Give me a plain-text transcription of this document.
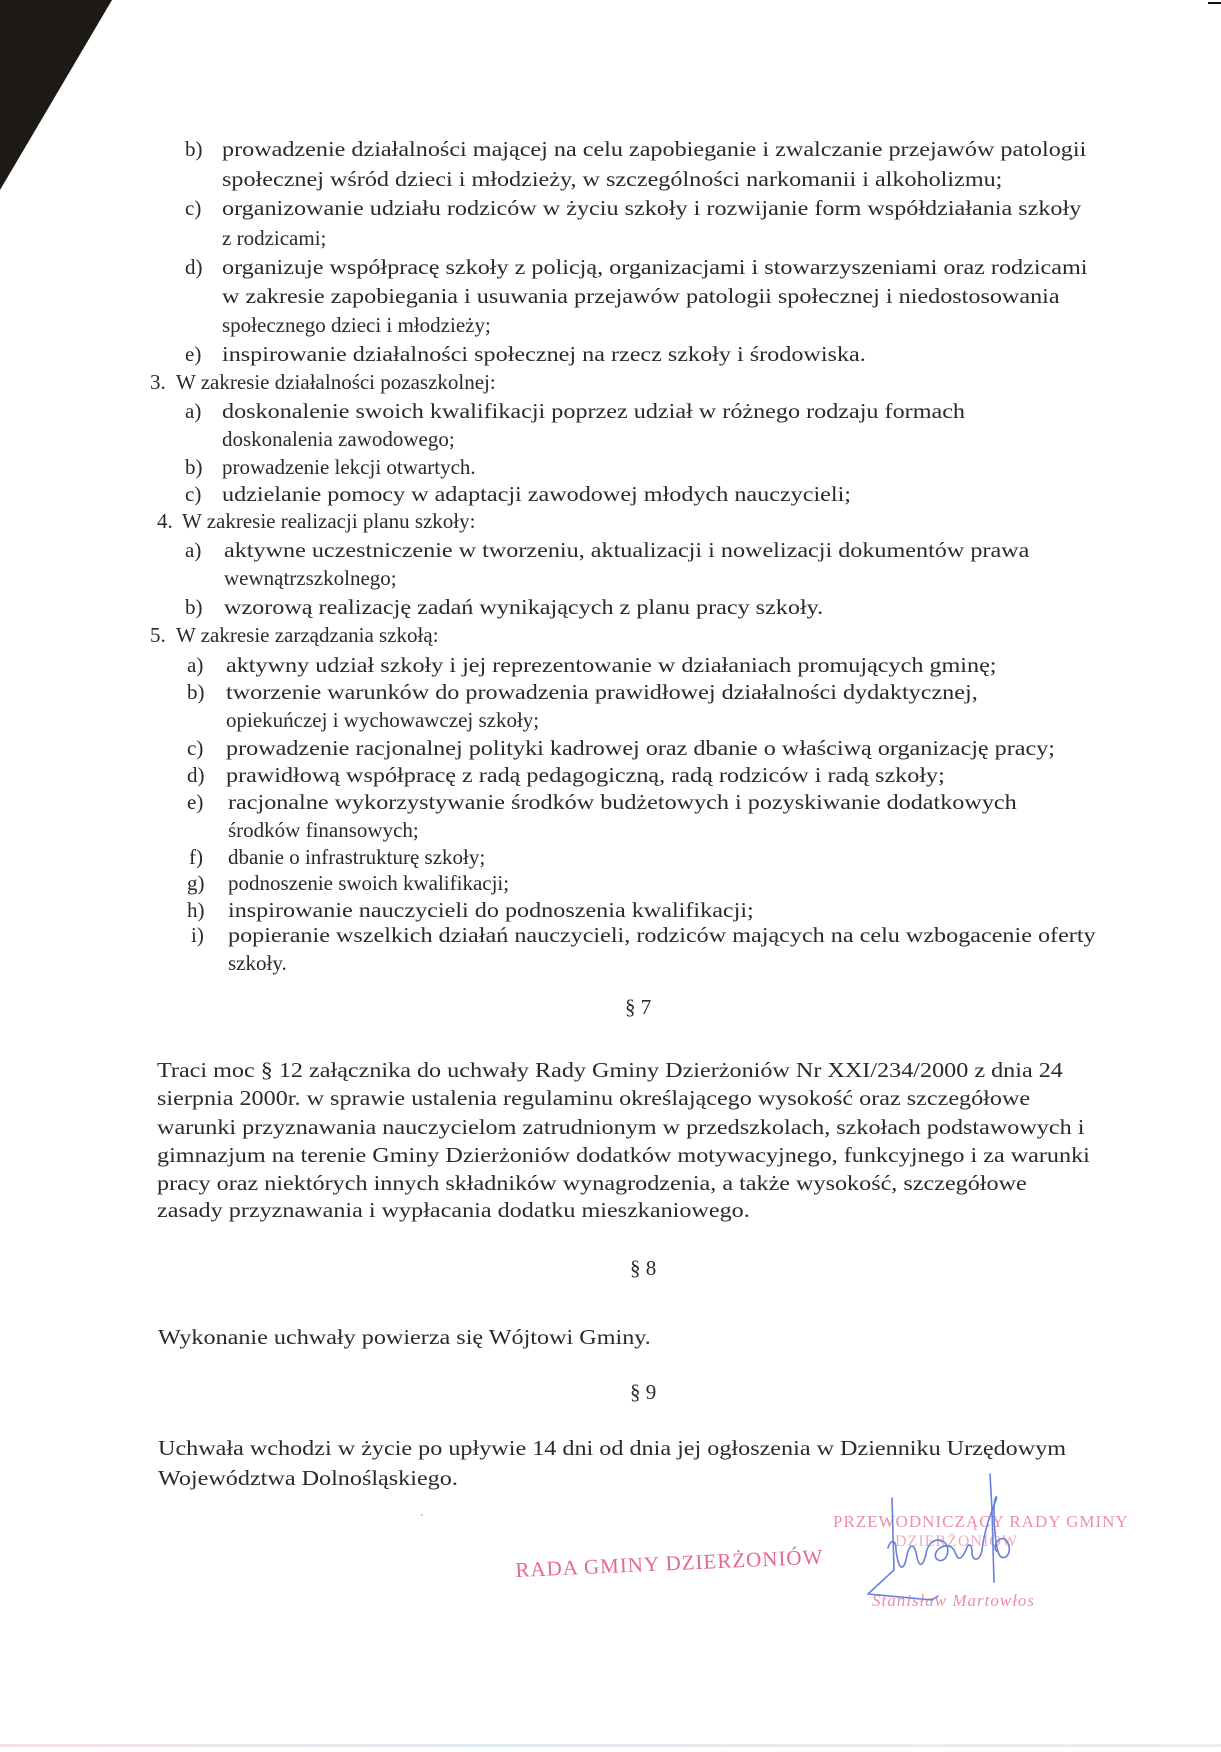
b) prowadzenie działalności mającej na celu zapobieganie i zwalczanie przejawów patologii
społecznej wśród dzieci i młodzieży, w szczególności narkomanii i alkoholizmu;
c) organizowanie udziału rodziców w życiu szkoły i rozwijanie form współdziałania szkoły
z rodzicami;
d) organizuje współpracę szkoły z policją, organizacjami i stowarzyszeniami oraz rodzicami
w zakresie zapobiegania i usuwania przejawów patologii społecznej i niedostosowania
społecznego dzieci i młodzieży;
e) inspirowanie działalności społecznej na rzecz szkoły i środowiska.
3. W zakresie działalności pozaszkolnej:
a) doskonalenie swoich kwalifikacji poprzez udział w różnego rodzaju formach
doskonalenia zawodowego;
b) prowadzenie lekcji otwartych.
c) udzielanie pomocy w adaptacji zawodowej młodych nauczycieli;
4. W zakresie realizacji planu szkoły:
a) aktywne uczestniczenie w tworzeniu, aktualizacji i nowelizacji dokumentów prawa
wewnątrzszkolnego;
b) wzorową realizację zadań wynikających z planu pracy szkoły.
5. W zakresie zarządzania szkołą:
a) aktywny udział szkoły i jej reprezentowanie w działaniach promujących gminę;
b) tworzenie warunków do prowadzenia prawidłowej działalności dydaktycznej,
opiekuńczej i wychowawczej szkoły;
c) prowadzenie racjonalnej polityki kadrowej oraz dbanie o właściwą organizację pracy;
d) prawidłową współpracę z radą pedagogiczną, radą rodziców i radą szkoły;
e) racjonalne wykorzystywanie środków budżetowych i pozyskiwanie dodatkowych
środków finansowych;
f) dbanie o infrastrukturę szkoły;
g) podnoszenie swoich kwalifikacji;
h) inspirowanie nauczycieli do podnoszenia kwalifikacji;
i) popieranie wszelkich działań nauczycieli, rodziców mających na celu wzbogacenie oferty
szkoły.
§ 7
Traci moc § 12 załącznika do uchwały Rady Gminy Dzierżoniów Nr XXI/234/2000 z dnia 24
sierpnia 2000r. w sprawie ustalenia regulaminu określającego wysokość oraz szczegółowe
warunki przyznawania nauczycielom zatrudnionym w przedszkolach, szkołach podstawowych i
gimnazjum na terenie Gminy Dzierżoniów dodatków motywacyjnego, funkcyjnego i za warunki
pracy oraz niektórych innych składników wynagrodzenia, a także wysokość, szczegółowe
zasady przyznawania i wypłacania dodatku mieszkaniowego.
§ 8
Wykonanie uchwały powierza się Wójtowi Gminy.
§ 9
Uchwała wchodzi w życie po upływie 14 dni od dnia jej ogłoszenia w Dzienniku Urzędowym
Województwa Dolnośląskiego.
RADA GMINY DZIERŻONIÓW
PRZEWODNICZĄCY RADY GMINY
DZIERŻONIÓW
Stanisław Martowłos
